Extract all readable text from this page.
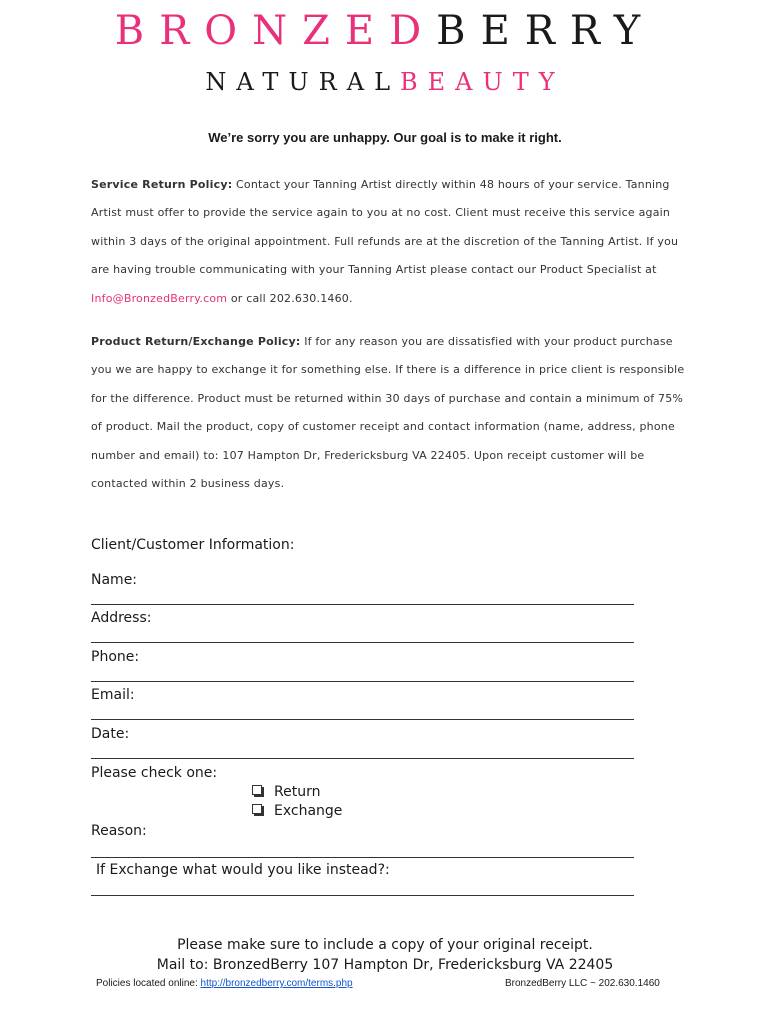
BRONZEDBERRY
NATURALBEAUTY
We’re sorry you are unhappy. Our goal is to make it right.
Service Return Policy: Contact your Tanning Artist directly within 48 hours of your service. Tanning Artist must offer to provide the service again to you at no cost. Client must receive this service again within 3 days of the original appointment. Full refunds are at the discretion of the Tanning Artist. If you are having trouble communicating with your Tanning Artist please contact our Product Specialist at Info@BronzedBerry.com or call 202.630.1460.
Product Return/Exchange Policy: If for any reason you are dissatisfied with your product purchase you we are happy to exchange it for something else. If there is a difference in price client is responsible for the difference. Product must be returned within 30 days of purchase and contain a minimum of 75% of product. Mail the product, copy of customer receipt and contact information (name, address, phone number and email) to: 107 Hampton Dr, Fredericksburg VA 22405. Upon receipt customer will be contacted within 2 business days.
Client/Customer Information:
Name:
Address:
Phone:
Email:
Date:
Please check one:
Return
Exchange
Reason:
If Exchange what would you like instead?:
Please make sure to include a copy of your original receipt.
Mail to: BronzedBerry 107 Hampton Dr, Fredericksburg VA 22405
Policies located online: http://bronzedberry.com/terms.php	BronzedBerry LLC ~ 202.630.1460
